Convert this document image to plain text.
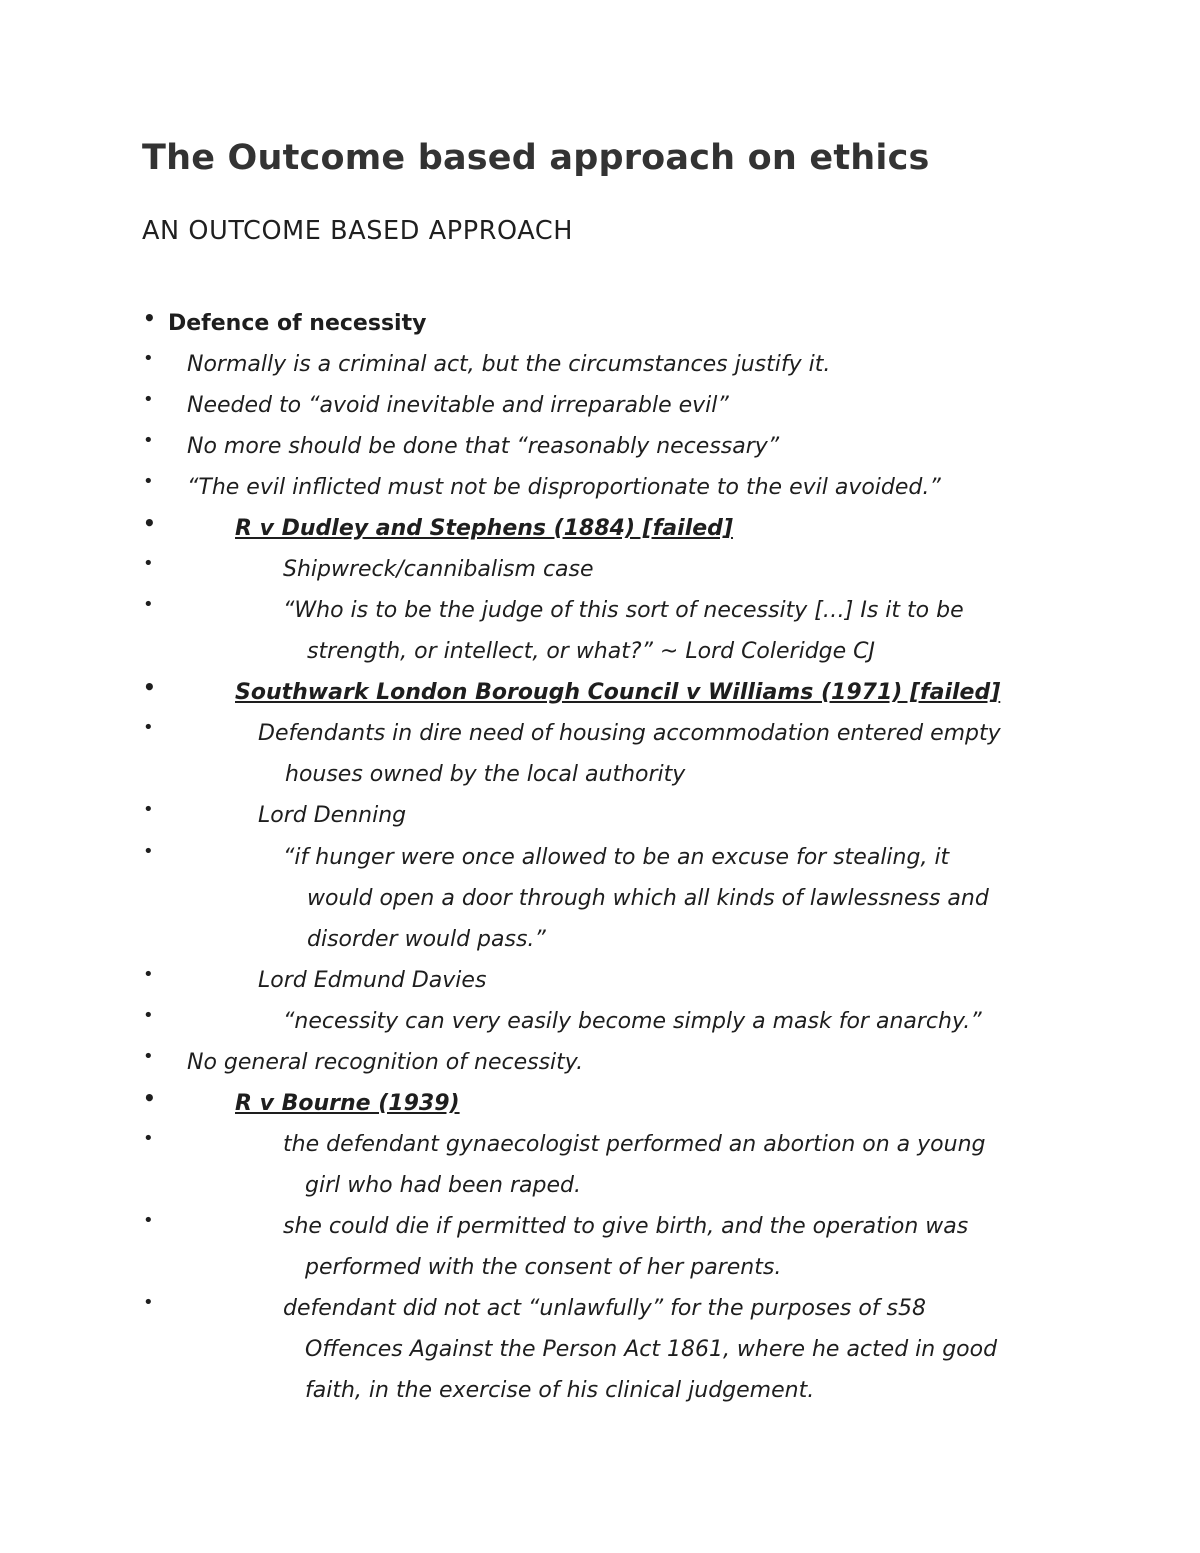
The Outcome based approach on ethics
AN OUTCOME BASED APPROACH
• Defence of necessity
• Normally is a criminal act, but the circumstances justify it.
• Needed to “avoid inevitable and irreparable evil”
• No more should be done that “reasonably necessary”
• “The evil inflicted must not be disproportionate to the evil avoided.”
•	R v Dudley and Stephens (1884) [failed]
•	Shipwreck/cannibalism case
•	“Who is to be the judge of this sort of necessity […] Is it to be
strength, or intellect, or what?” ~ Lord Coleridge CJ
•	Southwark London Borough Council v Williams (1971) [failed]
•	Defendants in dire need of housing accommodation entered empty
houses owned by the local authority
•	Lord Denning
•	“if hunger were once allowed to be an excuse for stealing, it
would open a door through which all kinds of lawlessness and
disorder would pass.”
•	Lord Edmund Davies
•	“necessity can very easily become simply a mask for anarchy.”
• No general recognition of necessity.
•	R v Bourne (1939)
•	the defendant gynaecologist performed an abortion on a young
girl who had been raped.
•	she could die if permitted to give birth, and the operation was
performed with the consent of her parents.
•	defendant did not act “unlawfully” for the purposes of s58
Offences Against the Person Act 1861, where he acted in good
faith, in the exercise of his clinical judgement.
